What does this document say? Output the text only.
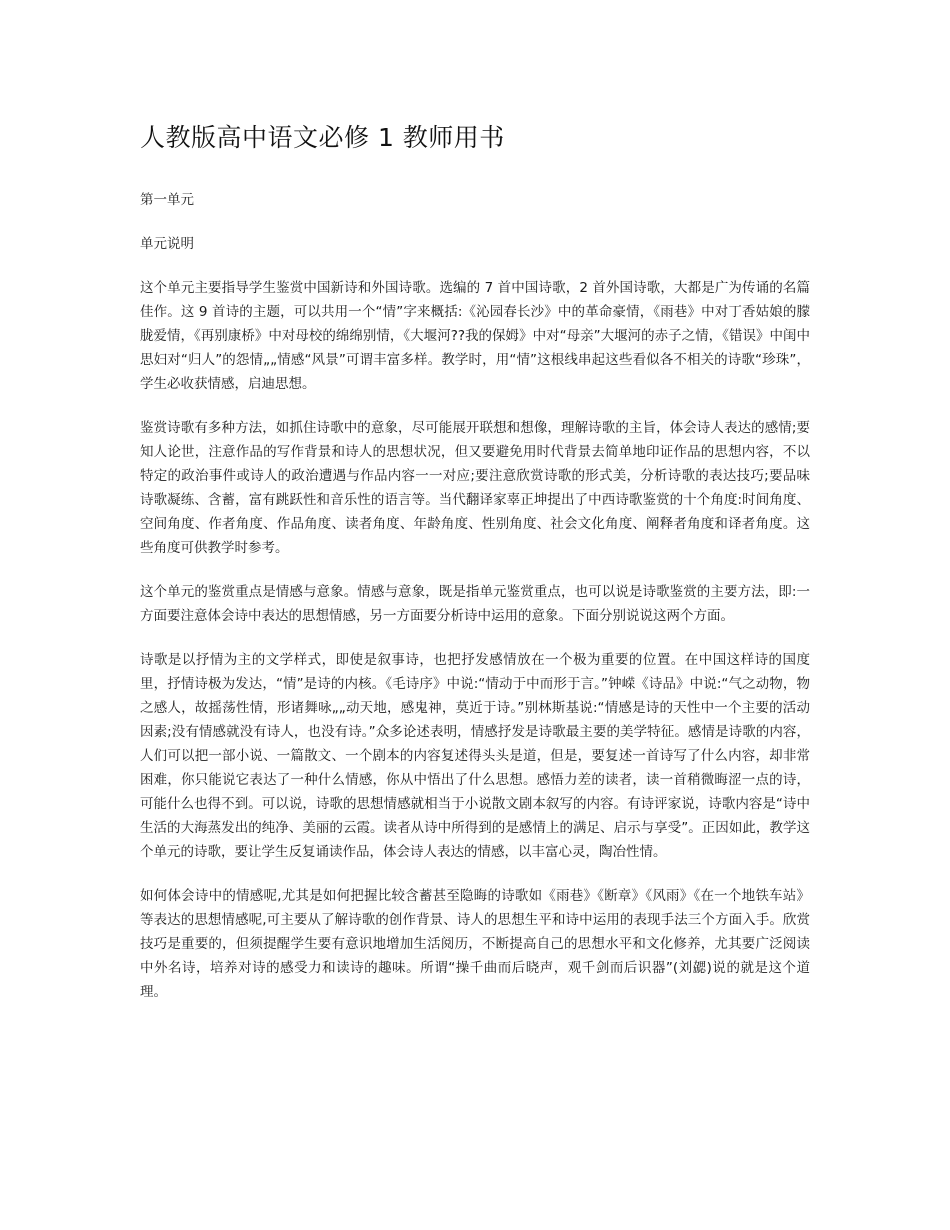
人教版高中语文必修 1 教师用书
第一单元
单元说明

这个单元主要指导学生鉴赏中国新诗和外国诗歌。选编的 7 首中国诗歌，2 首外国诗歌，大都是广为传诵的名篇佳作。这 9 首诗的主题，可以共用一个“情”字来概括:《沁园春长沙》中的革命豪情，《雨巷》中对丁香姑娘的朦胧爱情，《再别康桥》中对母校的绵绵别情，《大堰河??我的保姆》中对“母亲”大堰河的赤子之情，《错误》中闺中思妇对“归人”的怨情„„情感“风景”可谓丰富多样。教学时，用“情”这根线串起这些看似各不相关的诗歌“珍珠”，学生必收获情感，启迪思想。

鉴赏诗歌有多种方法，如抓住诗歌中的意象，尽可能展开联想和想像，理解诗歌的主旨，体会诗人表达的感情;要知人论世，注意作品的写作背景和诗人的思想状况，但又要避免用时代背景去简单地印证作品的思想内容，不以特定的政治事件或诗人的政治遭遇与作品内容一一对应;要注意欣赏诗歌的形式美，分析诗歌的表达技巧;要品味诗歌凝练、含蓄，富有跳跃性和音乐性的语言等。当代翻译家辜正坤提出了中西诗歌鉴赏的十个角度:时间角度、空间角度、作者角度、作品角度、读者角度、年龄角度、性别角度、社会文化角度、阐释者角度和译者角度。这些角度可供教学时参考。

这个单元的鉴赏重点是情感与意象。情感与意象，既是指单元鉴赏重点，也可以说是诗歌鉴赏的主要方法，即:一方面要注意体会诗中表达的思想情感，另一方面要分析诗中运用的意象。下面分别说说这两个方面。

诗歌是以抒情为主的文学样式，即使是叙事诗，也把抒发感情放在一个极为重要的位置。在中国这样诗的国度里，抒情诗极为发达，“情”是诗的内核。《毛诗序》中说:“情动于中而形于言。”钟嵘《诗品》中说:“气之动物，物之感人，故摇荡性情，形诸舞咏„„动天地，感鬼神，莫近于诗。”别林斯基说:“情感是诗的天性中一个主要的活动因素;没有情感就没有诗人，也没有诗。”众多论述表明，情感抒发是诗歌最主要的美学特征。感情是诗歌的内容，人们可以把一部小说、一篇散文、一个剧本的内容复述得头头是道，但是，要复述一首诗写了什么内容，却非常困难，你只能说它表达了一种什么情感，你从中悟出了什么思想。感悟力差的读者，读一首稍微晦涩一点的诗，可能什么也得不到。可以说，诗歌的思想情感就相当于小说散文剧本叙写的内容。有诗评家说，诗歌内容是“诗中生活的大海蒸发出的纯净、美丽的云霞。读者从诗中所得到的是感情上的满足、启示与享受”。正因如此，教学这个单元的诗歌，要让学生反复诵读作品，体会诗人表达的情感，以丰富心灵，陶冶性情。

如何体会诗中的情感呢,尤其是如何把握比较含蓄甚至隐晦的诗歌如《雨巷》《断章》《风雨》《在一个地铁车站》等表达的思想情感呢,可主要从了解诗歌的创作背景、诗人的思想生平和诗中运用的表现手法三个方面入手。欣赏技巧是重要的，但须提醒学生要有意识地增加生活阅历，不断提高自己的思想水平和文化修养，尤其要广泛阅读中外名诗，培养对诗的感受力和读诗的趣味。所谓“操千曲而后晓声，观千剑而后识器”(刘勰)说的就是这个道理。
